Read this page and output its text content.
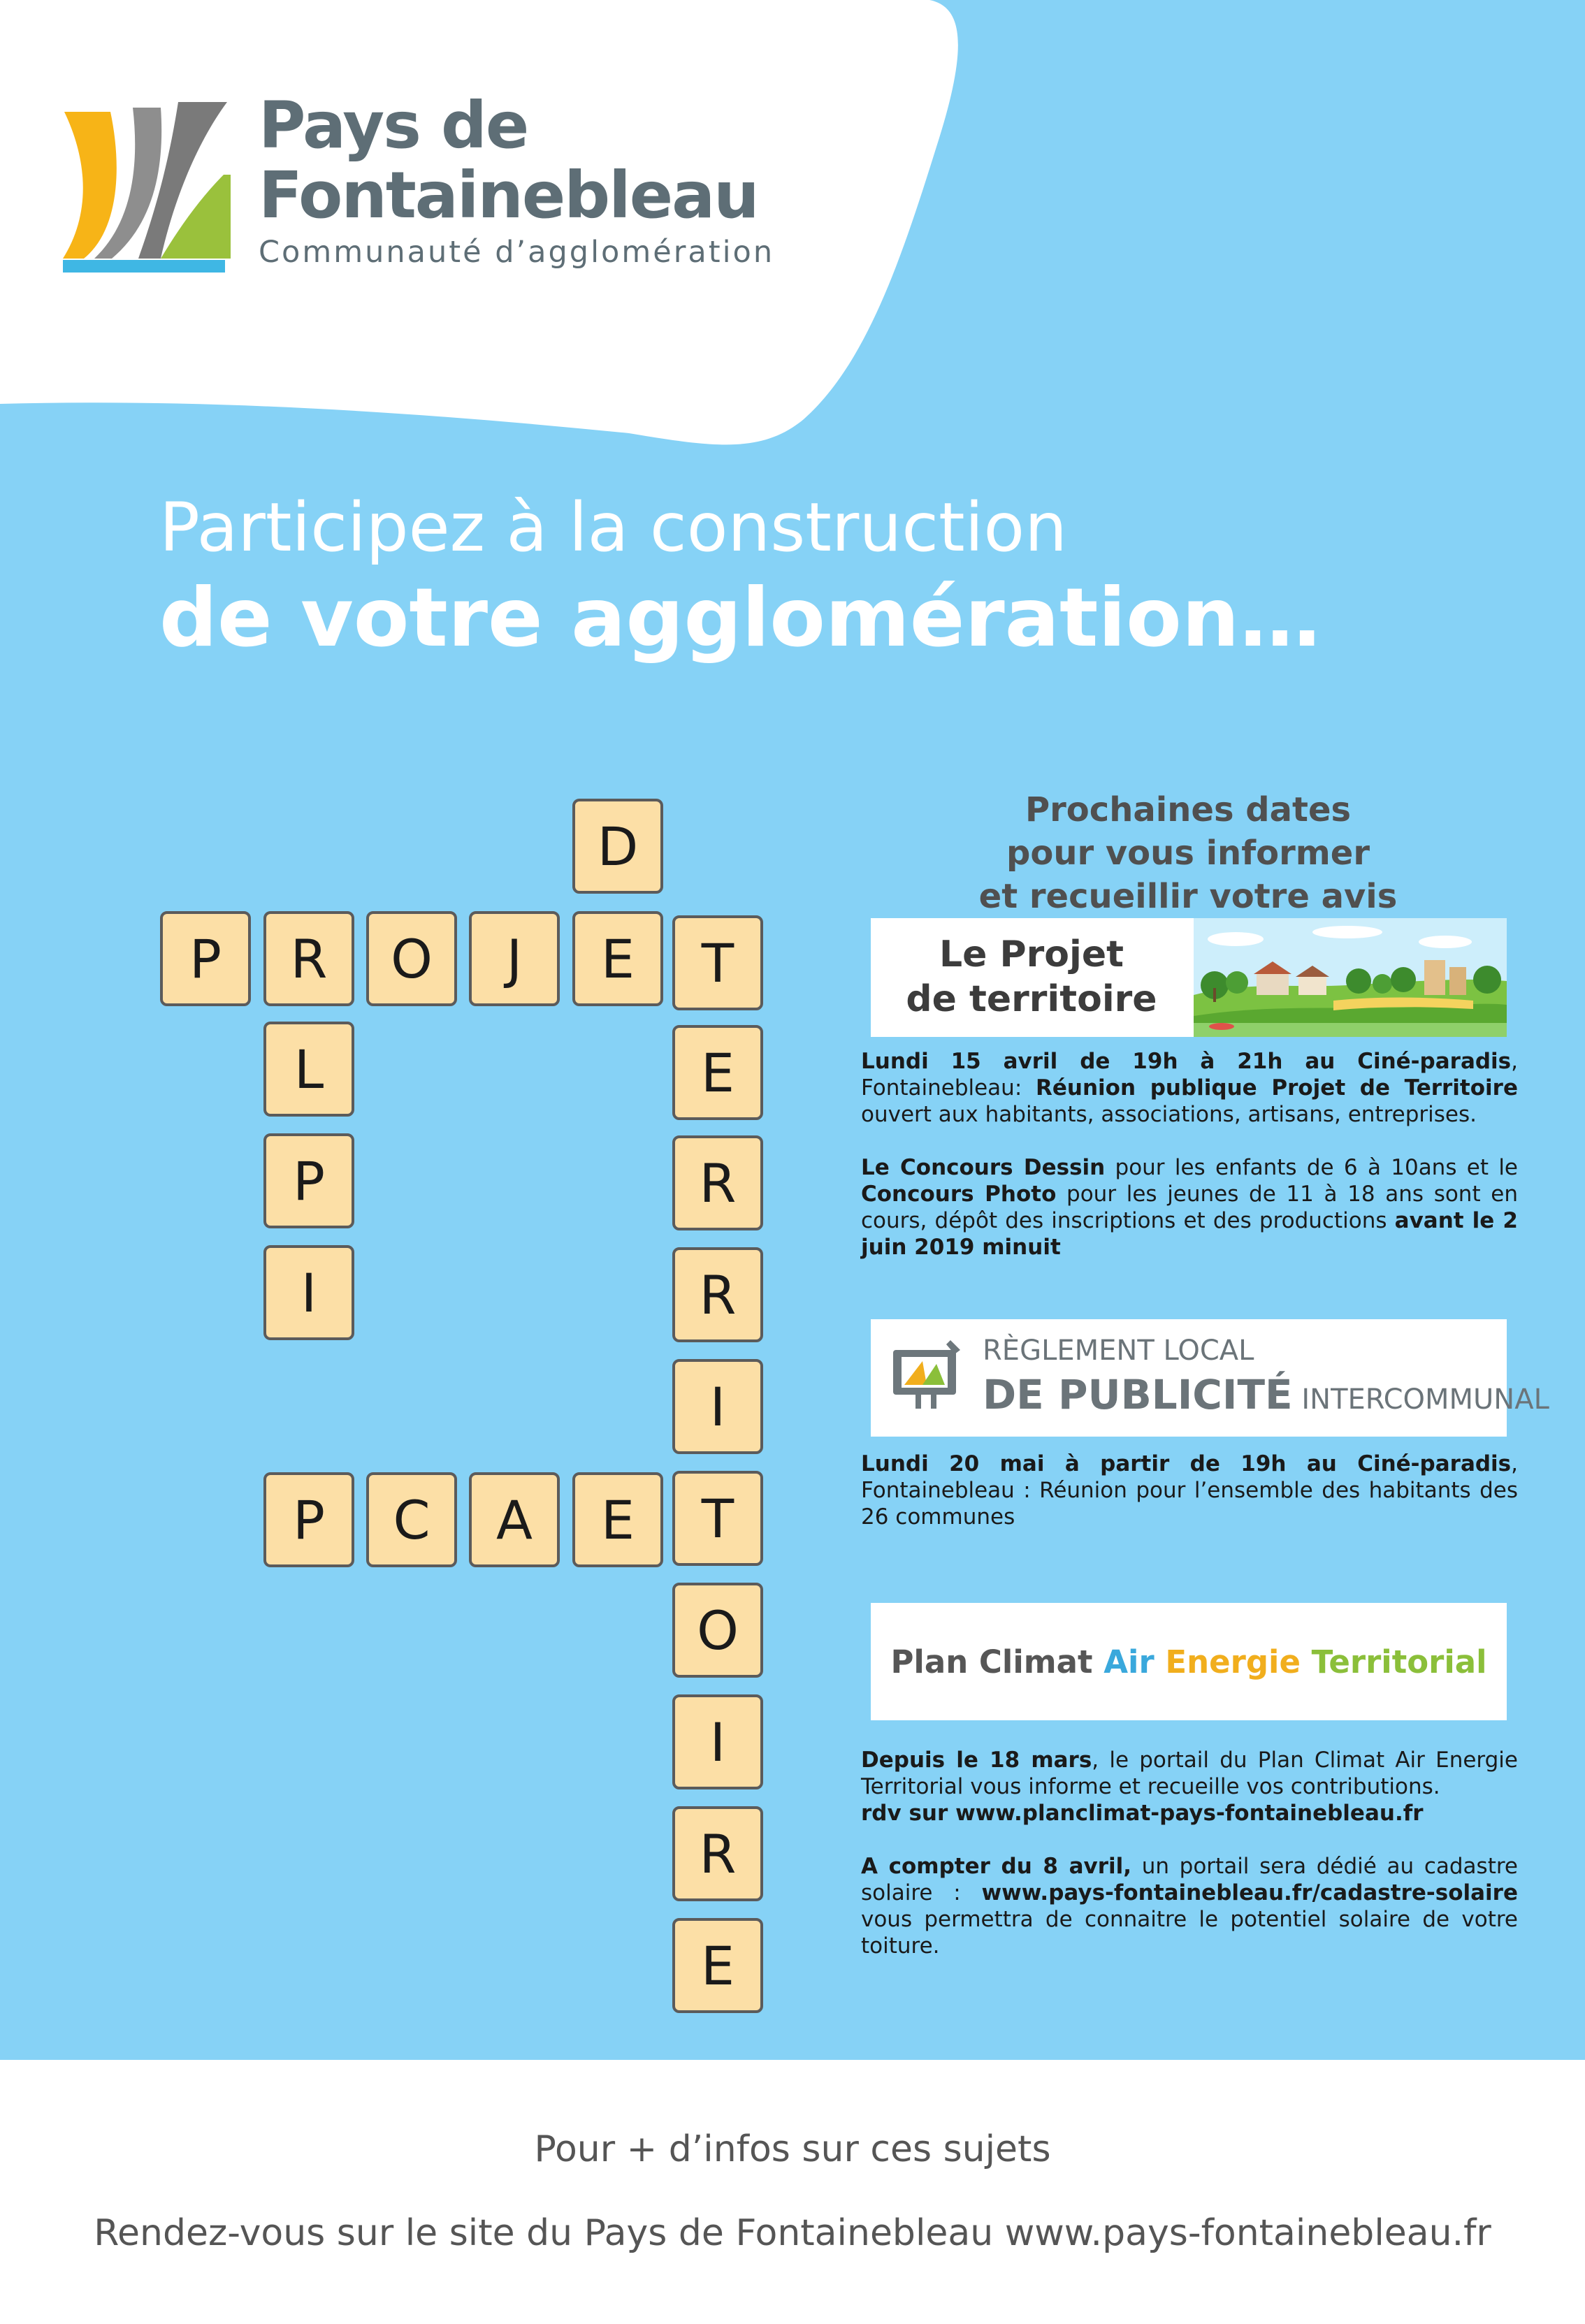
Pays de
Fontainebleau
Communauté d’agglomération
Participez à la construction
de votre agglomération…
D
P	R	O	J	E	T
E
R
R
I
T
O
I
R
E
L
P
I
P	C	A	E
Prochaines dates
pour vous informer
et recueillir votre avis
Le Projet
de territoire

Lundi 15 avril de 19h à 21h au Ciné-paradis, Fontainebleau: Réunion publique Projet de Territoire ouvert aux habitants, associations, artisans, entreprises.

Le Concours Dessin pour les enfants de 6 à 10ans et le Concours Photo pour les jeunes de 11 à 18 ans sont en cours, dépôt des inscriptions et des productions avant le 2 juin 2019 minuit

RÈGLEMENT LOCAL
DE PUBLICITÉ INTERCOMMUNAL

Lundi 20 mai à partir de 19h au Ciné-paradis, Fontainebleau : Réunion pour l’ensemble des habitants des 26 communes

Plan Climat Air Energie Territorial

Depuis le 18 mars, le portail du Plan Climat Air Energie Territorial vous informe et recueille vos contributions.
rdv sur www.planclimat-pays-fontainebleau.fr

A compter du 8 avril, un portail sera dédié au cadastre solaire : www.pays-fontainebleau.fr/cadastre-solaire vous permettra de connaitre le potentiel solaire de votre toiture.

Pour + d’infos sur ces sujets
Rendez-vous sur le site du Pays de Fontainebleau www.pays-fontainebleau.fr
